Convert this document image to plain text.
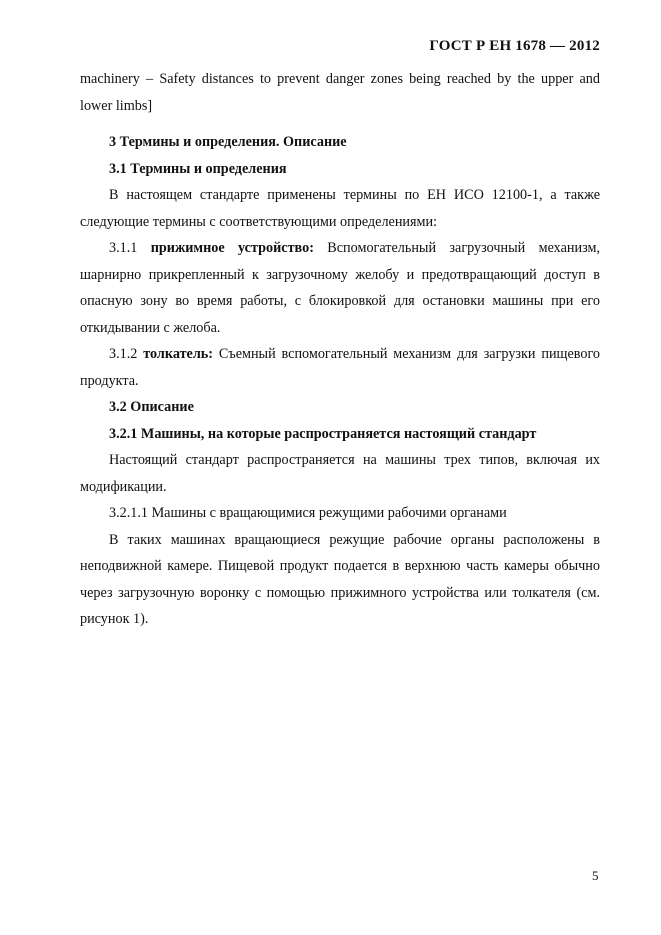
ГОСТ Р ЕН 1678 — 2012

machinery – Safety distances to prevent danger zones being reached by the upper and lower limbs]

3 Термины и определения. Описание

3.1 Термины и определения

В настоящем стандарте применены термины по ЕН ИСО 12100-1, а также следующие термины с соответствующими определениями:

3.1.1 прижимное устройство: Вспомогательный загрузочный механизм, шарнирно прикрепленный к загрузочному желобу и предотвращающий доступ в опасную зону во время работы, с блокировкой для остановки машины при его откидывании с желоба.

3.1.2 толкатель: Съемный вспомогательный механизм для загрузки пищевого продукта.

3.2 Описание

3.2.1 Машины, на которые распространяется настоящий стандарт

Настоящий стандарт распространяется на машины трех типов, включая их модификации.

3.2.1.1 Машины с вращающимися режущими рабочими органами

В таких машинах вращающиеся режущие рабочие органы расположены в неподвижной камере. Пищевой продукт подается в верхнюю часть камеры обычно через загрузочную воронку с помощью прижимного устройства или толкателя (см. рисунок 1).

5
